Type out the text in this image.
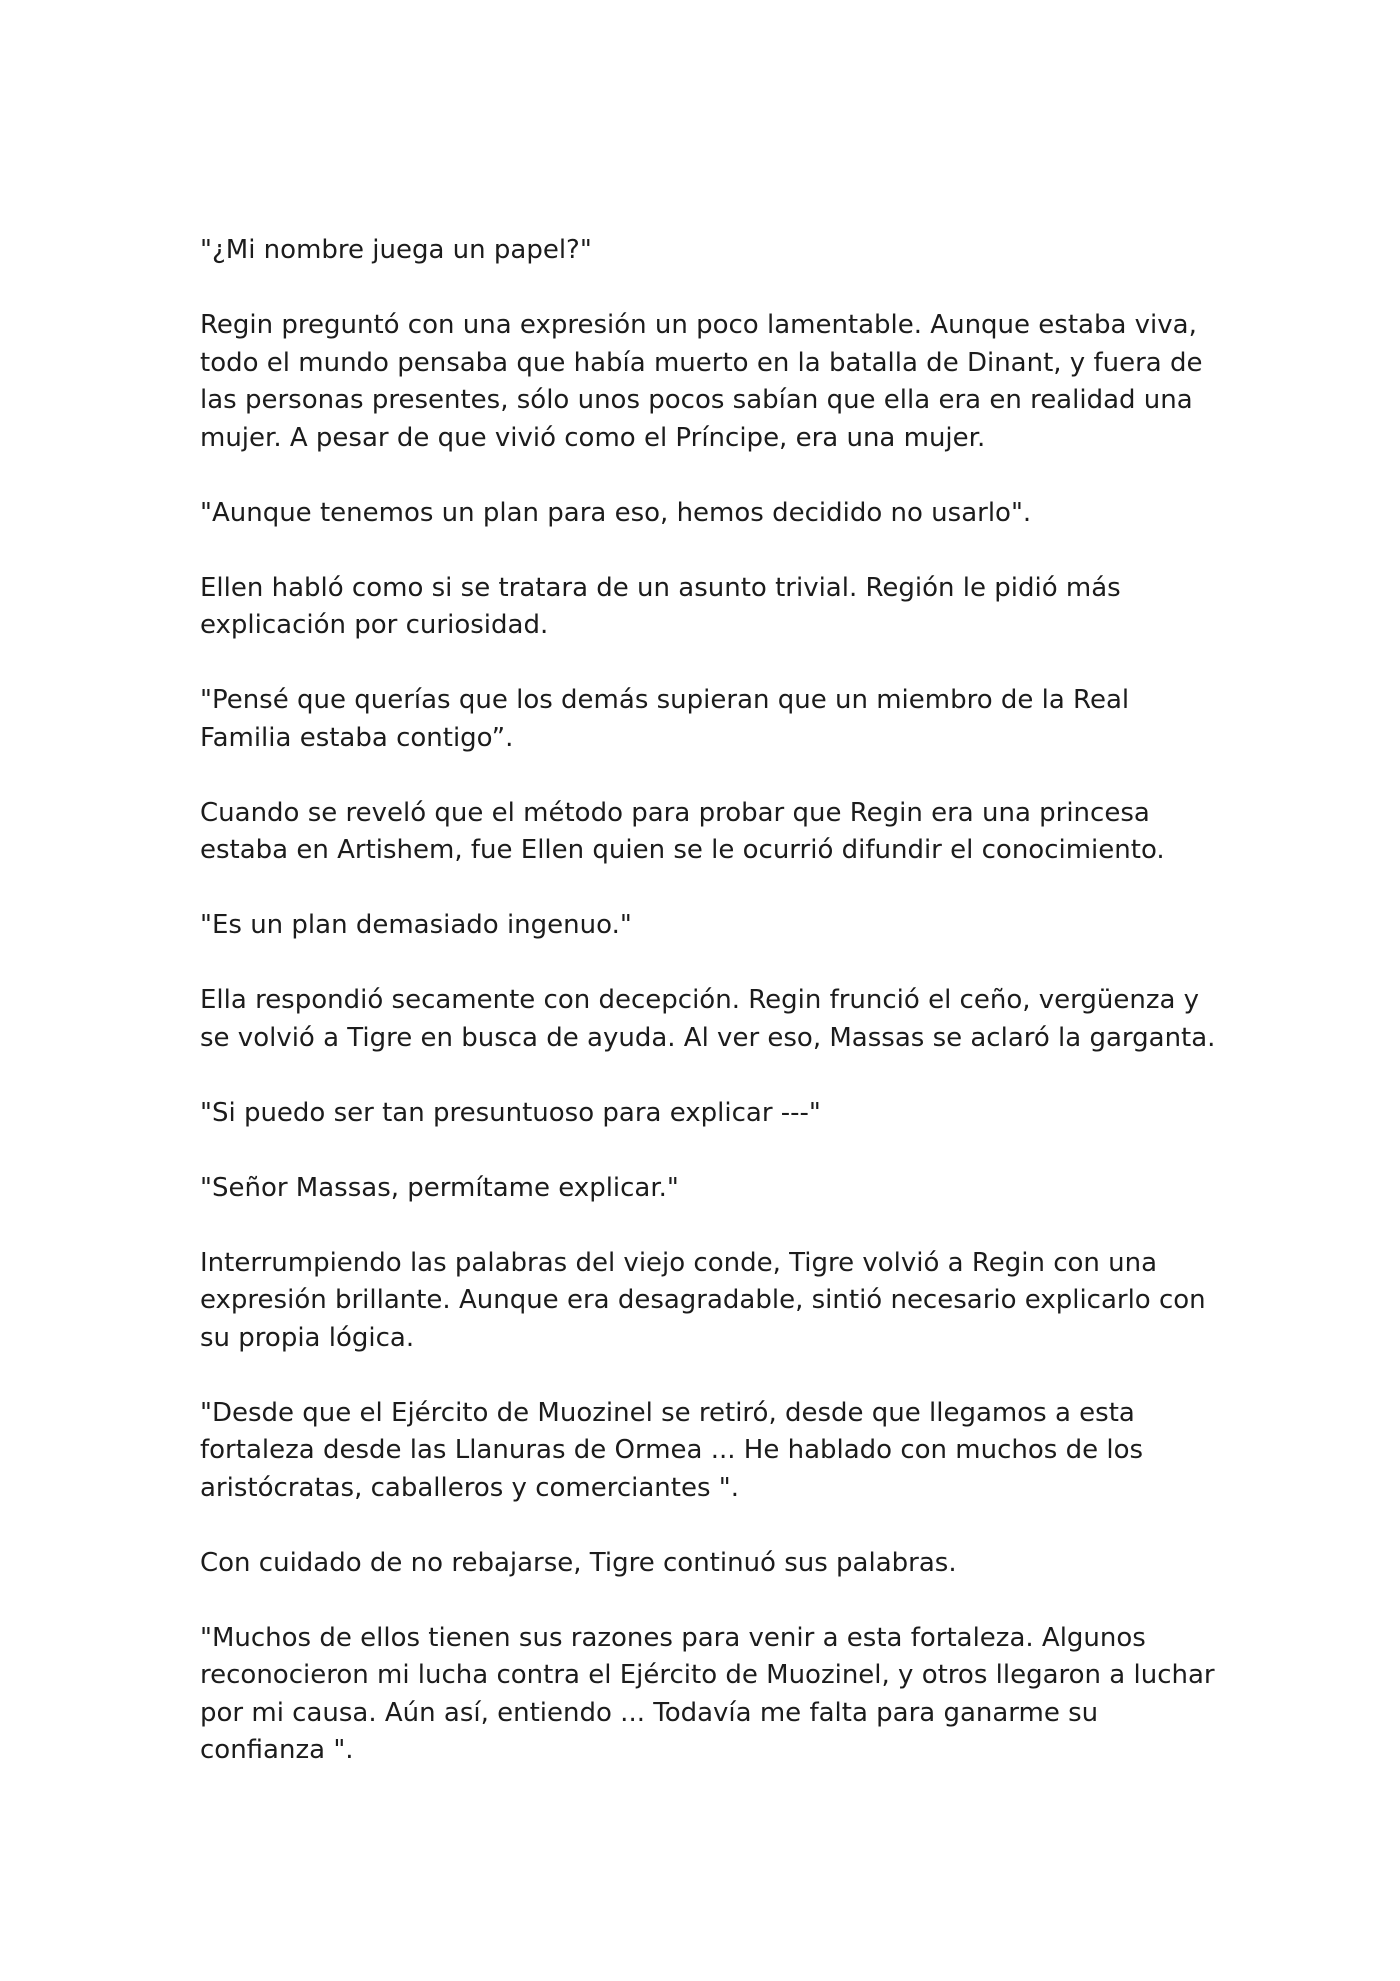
"¿Mi nombre juega un papel?"

Regin preguntó con una expresión un poco lamentable. Aunque estaba viva, todo el mundo pensaba que había muerto en la batalla de Dinant, y fuera de las personas presentes, sólo unos pocos sabían que ella era en realidad una mujer. A pesar de que vivió como el Príncipe, era una mujer.

"Aunque tenemos un plan para eso, hemos decidido no usarlo".

Ellen habló como si se tratara de un asunto trivial. Región le pidió más explicación por curiosidad.

"Pensé que querías que los demás supieran que un miembro de la Real Familia estaba contigo”.

Cuando se reveló que el método para probar que Regin era una princesa estaba en Artishem, fue Ellen quien se le ocurrió difundir el conocimiento.

"Es un plan demasiado ingenuo."

Ella respondió secamente con decepción. Regin frunció el ceño, vergüenza y se volvió a Tigre en busca de ayuda. Al ver eso, Massas se aclaró la garganta.

"Si puedo ser tan presuntuoso para explicar ---"

"Señor Massas, permítame explicar."

Interrumpiendo las palabras del viejo conde, Tigre volvió a Regin con una expresión brillante. Aunque era desagradable, sintió necesario explicarlo con su propia lógica.

"Desde que el Ejército de Muozinel se retiró, desde que llegamos a esta fortaleza desde las Llanuras de Ormea ... He hablado con muchos de los aristócratas, caballeros y comerciantes ".

Con cuidado de no rebajarse, Tigre continuó sus palabras.

"Muchos de ellos tienen sus razones para venir a esta fortaleza. Algunos reconocieron mi lucha contra el Ejército de Muozinel, y otros llegaron a luchar por mi causa. Aún así, entiendo ... Todavía me falta para ganarme su confianza ".
